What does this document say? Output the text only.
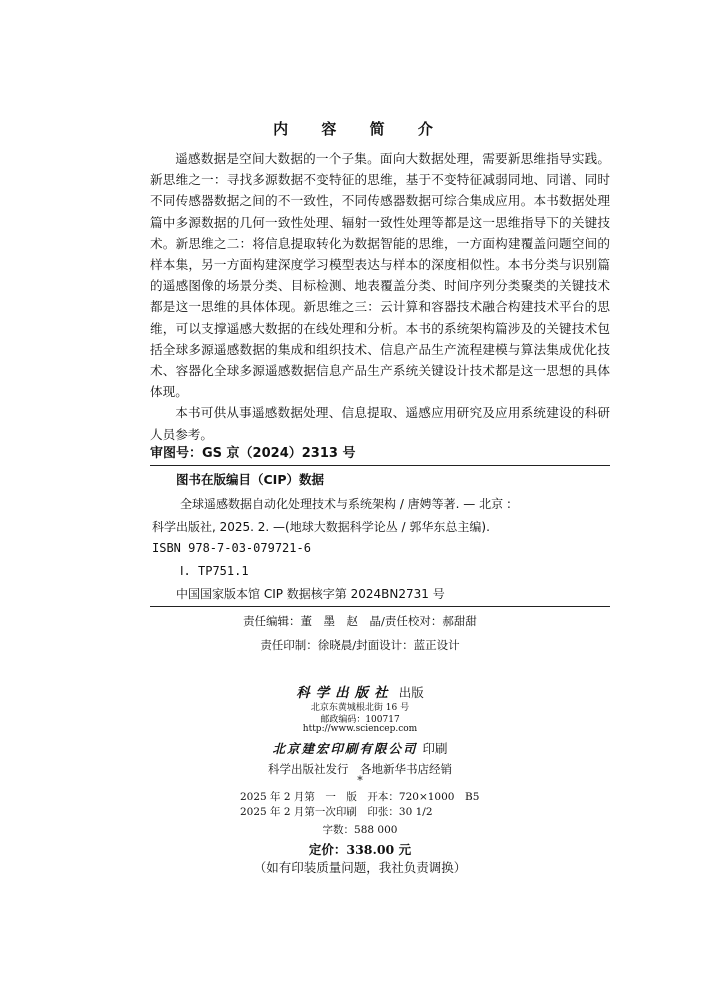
内 容 简 介

遥感数据是空间大数据的一个子集。面向大数据处理，需要新思维指导实践。新思维之一：寻找多源数据不变特征的思维，基于不变特征减弱同地、同谱、同时不同传感器数据之间的不一致性，不同传感器数据可综合集成应用。本书数据处理篇中多源数据的几何一致性处理、辐射一致性处理等都是这一思维指导下的关键技术。新思维之二：将信息提取转化为数据智能的思维，一方面构建覆盖问题空间的样本集，另一方面构建深度学习模型表达与样本的深度相似性。本书分类与识别篇的遥感图像的场景分类、目标检测、地表覆盖分类、时间序列分类聚类的关键技术都是这一思维的具体体现。新思维之三：云计算和容器技术融合构建技术平台的思维，可以支撑遥感大数据的在线处理和分析。本书的系统架构篇涉及的关键技术包括全球多源遥感数据的集成和组织技术、信息产品生产流程建模与算法集成优化技术、容器化全球多源遥感数据信息产品生产系统关键设计技术都是这一思想的具体体现。

本书可供从事遥感数据处理、信息提取、遥感应用研究及应用系统建设的科研人员参考。

审图号：GS 京（2024）2313 号
图书在版编目（CIP）数据
全球遥感数据自动化处理技术与系统架构 / 唐娉等著. — 北京 :
科学出版社, 2025. 2. —(地球大数据科学论丛 / 郭华东总主编).
ISBN 978-7-03-079721-6
Ⅰ. TP751.1
中国国家版本馆 CIP 数据核字第 2024BN2731 号
责任编辑：董　墨　赵　晶/责任校对：郝甜甜
责任印制：徐晓晨/封面设计：蓝正设计
科学出版社 出版
北京东黄城根北街 16 号
邮政编码：100717
http://www.sciencep.com
北京建宏印刷有限公司 印刷
科学出版社发行　各地新华书店经销
*
2025 年 2 月第　一　版　开本：720×1000　B5
2025 年 2 月第一次印刷　印张：30 1/2
字数：588 000
定价：338.00 元
（如有印装质量问题，我社负责调换）
